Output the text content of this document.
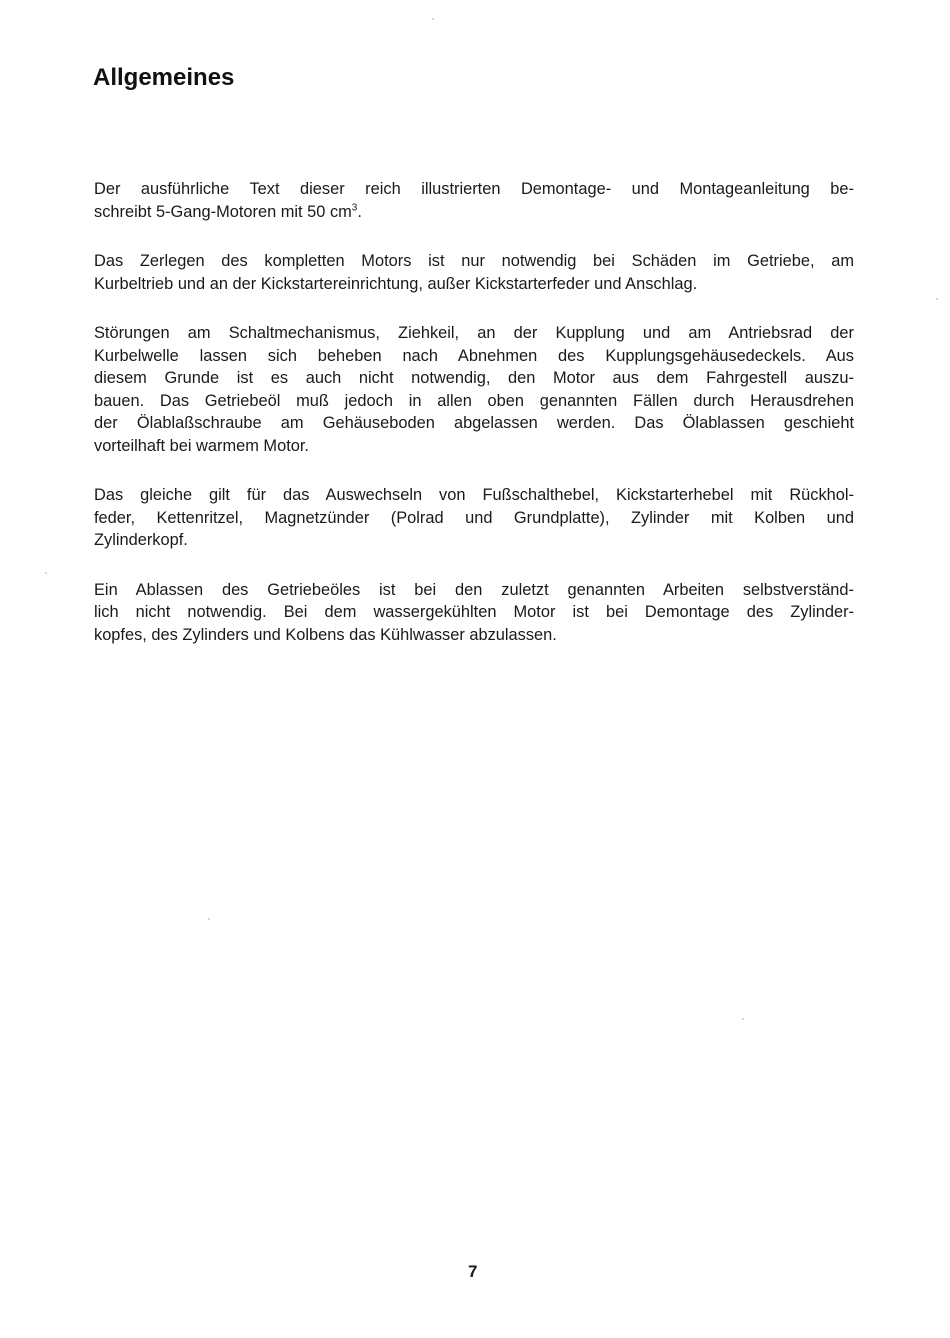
Allgemeines

Der ausführliche Text dieser reich illustrierten Demontage- und Montageanleitung be-
schreibt 5-Gang-Motoren mit 50 $cm^3$.

Das Zerlegen des kompletten Motors ist nur notwendig bei Schäden im Getriebe, am
Kurbeltrieb und an der Kickstartereinrichtung, außer Kickstarterfeder und Anschlag.

Störungen am Schaltmechanismus, Ziehkeil, an der Kupplung und am Antriebsrad der
Kurbelwelle lassen sich beheben nach Abnehmen des Kupplungsgehäusedeckels. Aus
diesem Grunde ist es auch nicht notwendig, den Motor aus dem Fahrgestell auszu-
bauen. Das Getriebeöl muß jedoch in allen oben genannten Fällen durch Herausdrehen
der Ölablaßschraube am Gehäuseboden abgelassen werden. Das Ölablassen geschieht
vorteilhaft bei warmem Motor.

Das gleiche gilt für das Auswechseln von Fußschalthebel, Kickstarterhebel mit Rückhol-
feder, Kettenritzel, Magnetzünder (Polrad und Grundplatte), Zylinder mit Kolben und
Zylinderkopf.

Ein Ablassen des Getriebeöles ist bei den zuletzt genannten Arbeiten selbstverständ-
lich nicht notwendig. Bei dem wassergekühlten Motor ist bei Demontage des Zylinder-
kopfes, des Zylinders und Kolbens das Kühlwasser abzulassen.

7
